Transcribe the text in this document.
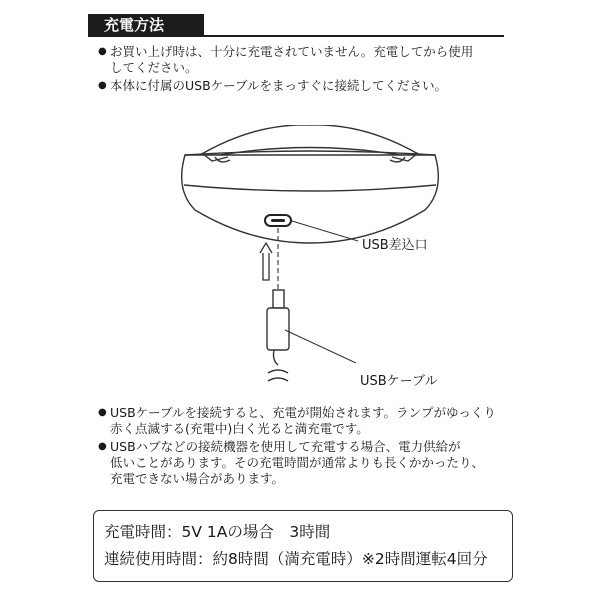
充電方法
● お買い上げ時は、十分に充電されていません。充電してから使用
してください。
● 本体に付属のUSBケーブルをまっすぐに接続してください。
USB差込口
USBケーブル
● USBケーブルを接続すると、充電が開始されます。ランプがゆっくり
赤く点滅する(充電中)白く光ると満充電です。
● USBハブなどの接続機器を使用して充電する場合、電力供給が
低いことがあります。その充電時間が通常よりも長くかかったり、
充電できない場合があります。
充電時間：5V 1Aの場合　3時間
連続使用時間：約8時間（満充電時）※2時間運転4回分
